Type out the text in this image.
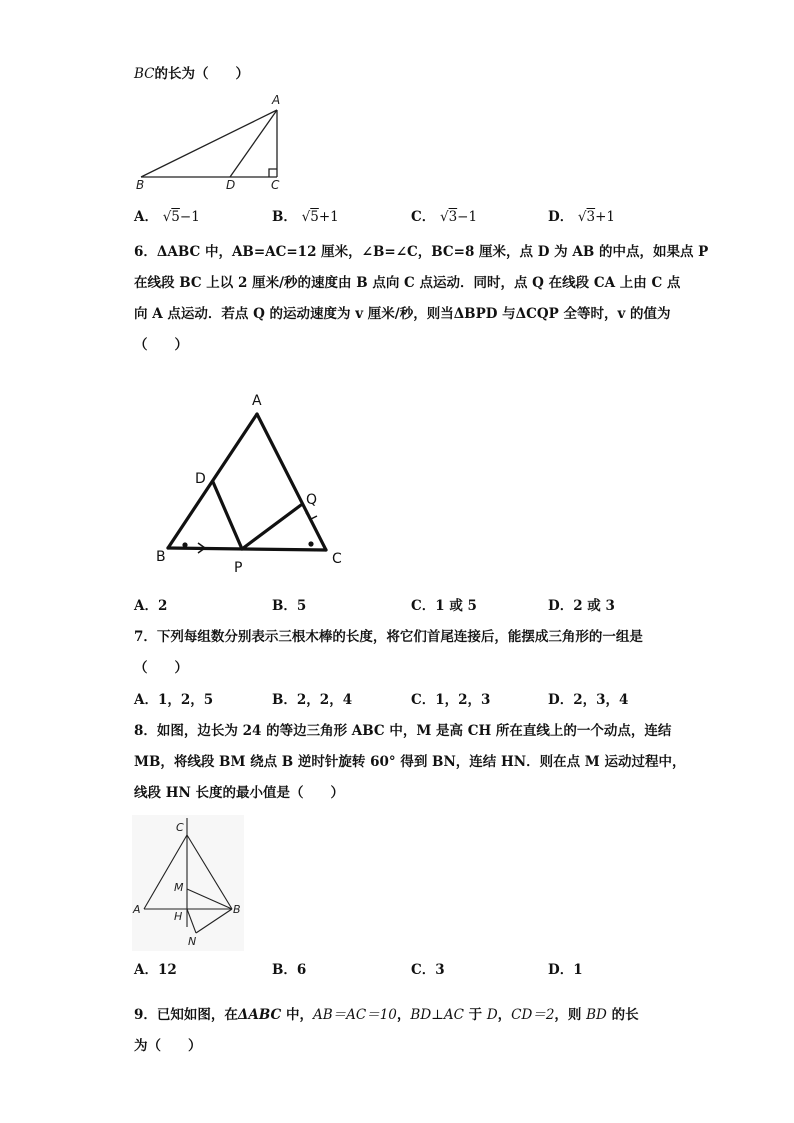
BC的长为（　　）
A
B	D	C
A． √5−1	B． √5+1	C． √3−1	D． √3+1
6．ΔABC 中，AB=AC=12 厘米，∠B=∠C，BC=8 厘米，点 D 为 AB 的中点，如果点 P
在线段 BC 上以 2 厘米/秒的速度由 B 点向 C 点运动．同时，点 Q 在线段 CA 上由 C 点
向 A 点运动．若点 Q 的运动速度为 v 厘米/秒，则当ΔBPD 与ΔCQP 全等时，v 的值为
（　　）
A
B	C
D
P
Q
A．2	B．5	C．1 或 5	D．2 或 3
7．下列每组数分别表示三根木棒的长度，将它们首尾连接后，能摆成三角形的一组是
（　　）
A．1，2，5	B．2，2，4	C．1，2，3	D．2，3，4
8．如图，边长为 24 的等边三角形 ABC 中，M 是高 CH 所在直线上的一个动点，连结
MB，将线段 BM 绕点 B 逆时针旋转 60° 得到 BN，连结 HN．则在点 M 运动过程中，
线段 HN 长度的最小值是（　　）
C
A	B
H
M
N
A．12	B．6	C．3	D．1
9．已知如图，在ΔABC 中，AB＝AC＝10，BD⊥AC 于 D，CD＝2，则 BD 的长
为（　　）
